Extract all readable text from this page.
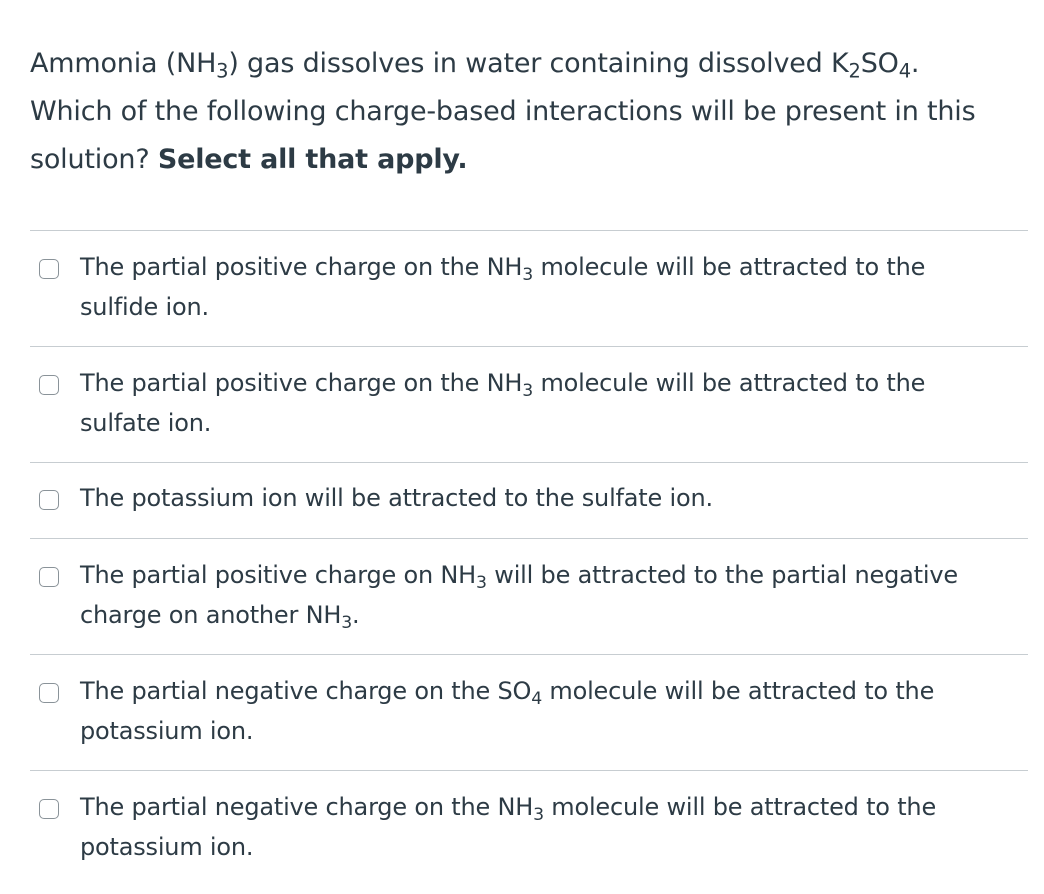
Ammonia $(NH_3)$ gas dissolves in water containing dissolved $K_2SO_4$.
Which of the following charge-based interactions will be present in this
solution? Select all that apply.
The partial positive charge on the $NH_3$ molecule will be attracted to the
sulfide ion.
The partial positive charge on the $NH_3$ molecule will be attracted to the
sulfate ion.
The potassium ion will be attracted to the sulfate ion.
The partial positive charge on $NH_3$ will be attracted to the partial negative
charge on another $NH_3$.
The partial negative charge on the $SO_4$ molecule will be attracted to the
potassium ion.
The partial negative charge on the $NH_3$ molecule will be attracted to the
potassium ion.
